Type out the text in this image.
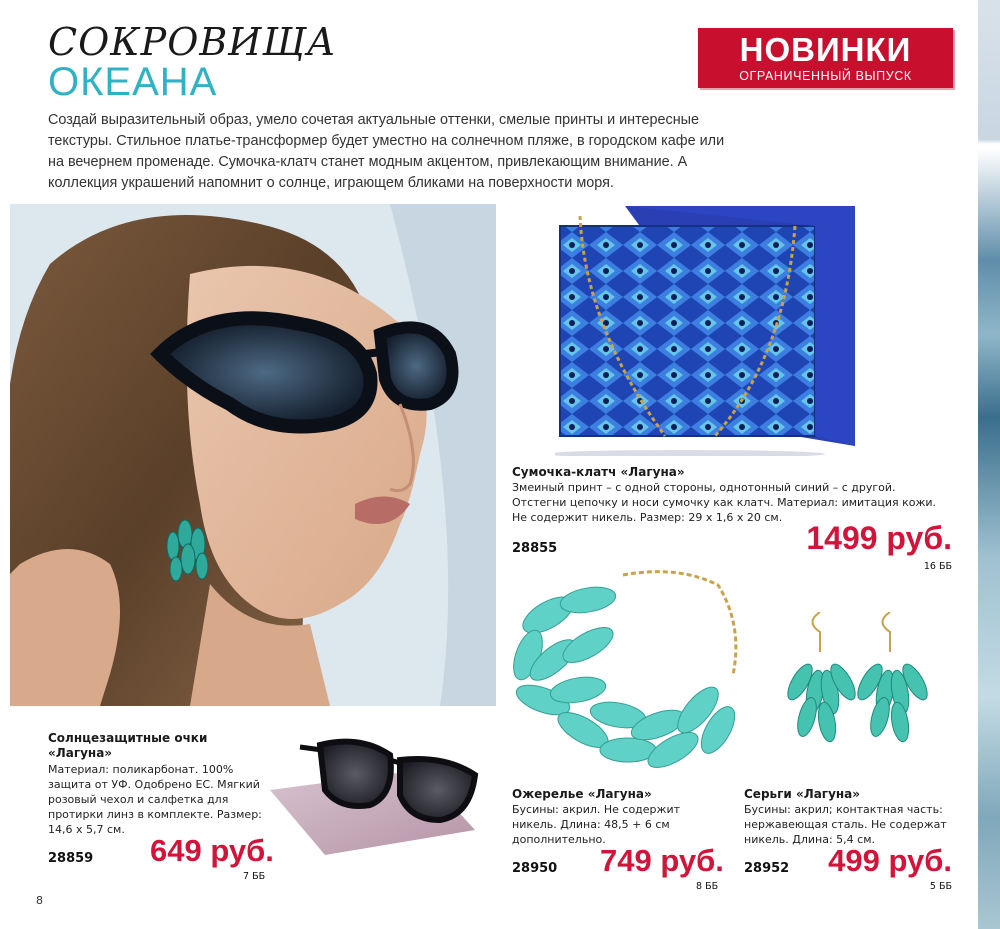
СОКРОВИЩА
ОКЕАНА
Создай выразительный образ, умело сочетая актуальные оттенки, смелые принты и интересные текстуры. Стильное платье-трансформер будет уместно на солнечном пляже, в городском кафе или на вечернем променаде. Сумочка-клатч станет модным акцентом, привлекающим внимание. А коллекция украшений напомнит о солнце, играющем бликами на поверхности моря.
НОВИНКИ
ОГРАНИЧЕННЫЙ ВЫПУСК
Сумочка-клатч «Лагуна»
Змеиный принт – с одной стороны, однотонный синий – с другой. Отстегни цепочку и носи сумочку как клатч. Материал: имитация кожи. Не содержит никель. Размер: 29 х 1,6 х 20 см.
28855	1499 руб.
16 ББ
Ожерелье «Лагуна»
Бусины: акрил. Не содержит никель. Длина: 48,5 + 6 см дополнительно.
28950 749 руб.
8 ББ
Серьги «Лагуна»
Бусины: акрил; контактная часть: нержавеющая сталь. Не содержат никель. Длина: 5,4 см.
28952 499 руб.
5 ББ
Солнцезащитные очки «Лагуна»
Материал: поликарбонат. 100% защита от УФ. Одобрено ЕС. Мягкий розовый чехол и салфетка для протирки линз в комплекте. Размер: 14,6 х 5,7 см.
28859 649 руб.
7 ББ
8
